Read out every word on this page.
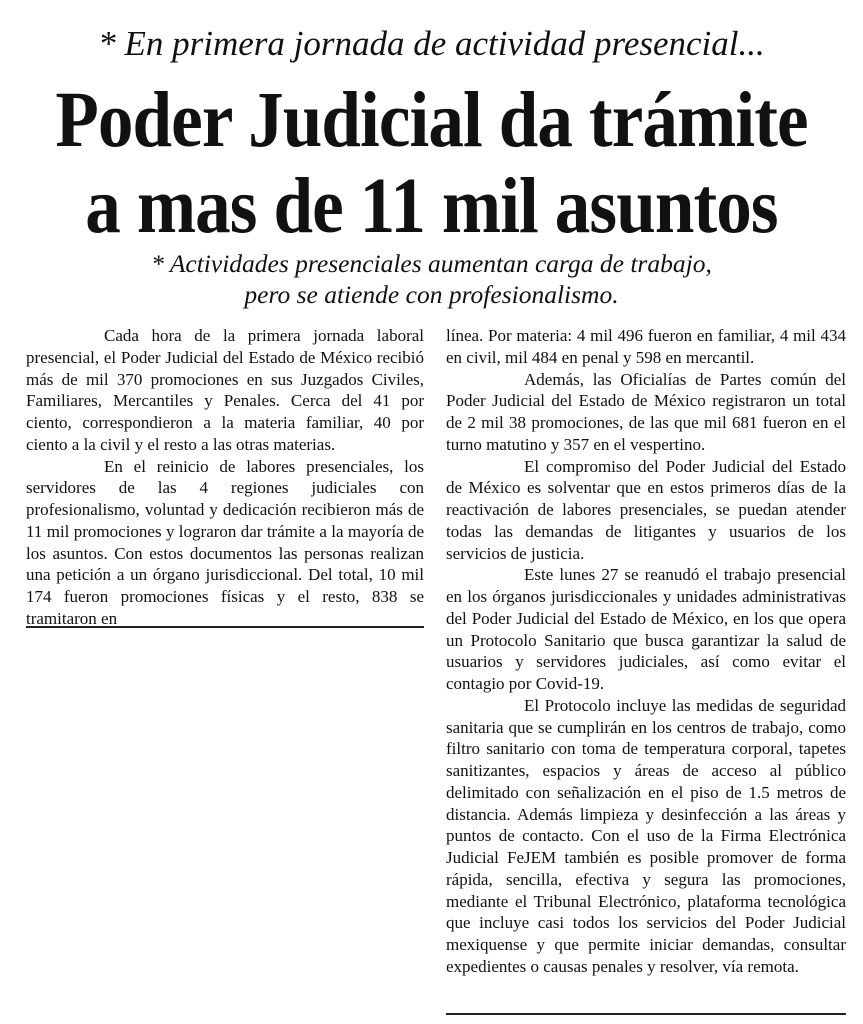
* En primera jornada de actividad presencial...
Poder Judicial da trámite
a mas de 11 mil asuntos
* Actividades presenciales aumentan carga de trabajo,
pero se atiende con profesionalismo.

Cada hora de la primera jornada laboral presencial, el Poder Judicial del Estado de México recibió más de mil 370 promociones en sus Juzgados Civiles, Familiares, Mercantiles y Penales. Cerca del 41 por ciento, correspondieron a la materia familiar, 40 por ciento a la civil y el resto a las otras materias.

En el reinicio de labores presenciales, los servidores de las 4 regiones judiciales con profesionalismo, voluntad y dedicación recibieron más de 11 mil promociones y lograron dar trámite a la mayoría de los asuntos. Con estos documentos las personas realizan una petición a un órgano jurisdiccional. Del total, 10 mil 174 fueron promociones físicas y el resto, 838 se tramitaron en

línea. Por materia: 4 mil 496 fueron en familiar, 4 mil 434 en civil, mil 484 en penal y 598 en mercantil.

Además, las Oficialías de Partes común del Poder Judicial del Estado de México registraron un total de 2 mil 38 promociones, de las que mil 681 fueron en el turno matutino y 357 en el vespertino.

El compromiso del Poder Judicial del Estado de México es solventar que en estos primeros días de la reactivación de labores presenciales, se puedan atender todas las demandas de litigantes y usuarios de los servicios de justicia.

Este lunes 27 se reanudó el trabajo presencial en los órganos jurisdiccionales y unidades administrativas del Poder Judicial del Estado de México, en los que opera un Protocolo Sanitario que busca garantizar la salud de usuarios y servidores judiciales, así como evitar el contagio por Covid-19.

El Protocolo incluye las medidas de seguridad sanitaria que se cumplirán en los centros de trabajo, como filtro sanitario con toma de temperatura corporal, tapetes sanitizantes, espacios y áreas de acceso al público delimitado con señalización en el piso de 1.5 metros de distancia. Además limpieza y desinfección a las áreas y puntos de contacto. Con el uso de la Firma Electrónica Judicial FeJEM también es posible promover de forma rápida, sencilla, efectiva y segura las promociones, mediante el Tribunal Electrónico, plataforma tecnológica que incluye casi todos los servicios del Poder Judicial mexiquense y que permite iniciar demandas, consultar expedientes o causas penales y resolver, vía remota.
